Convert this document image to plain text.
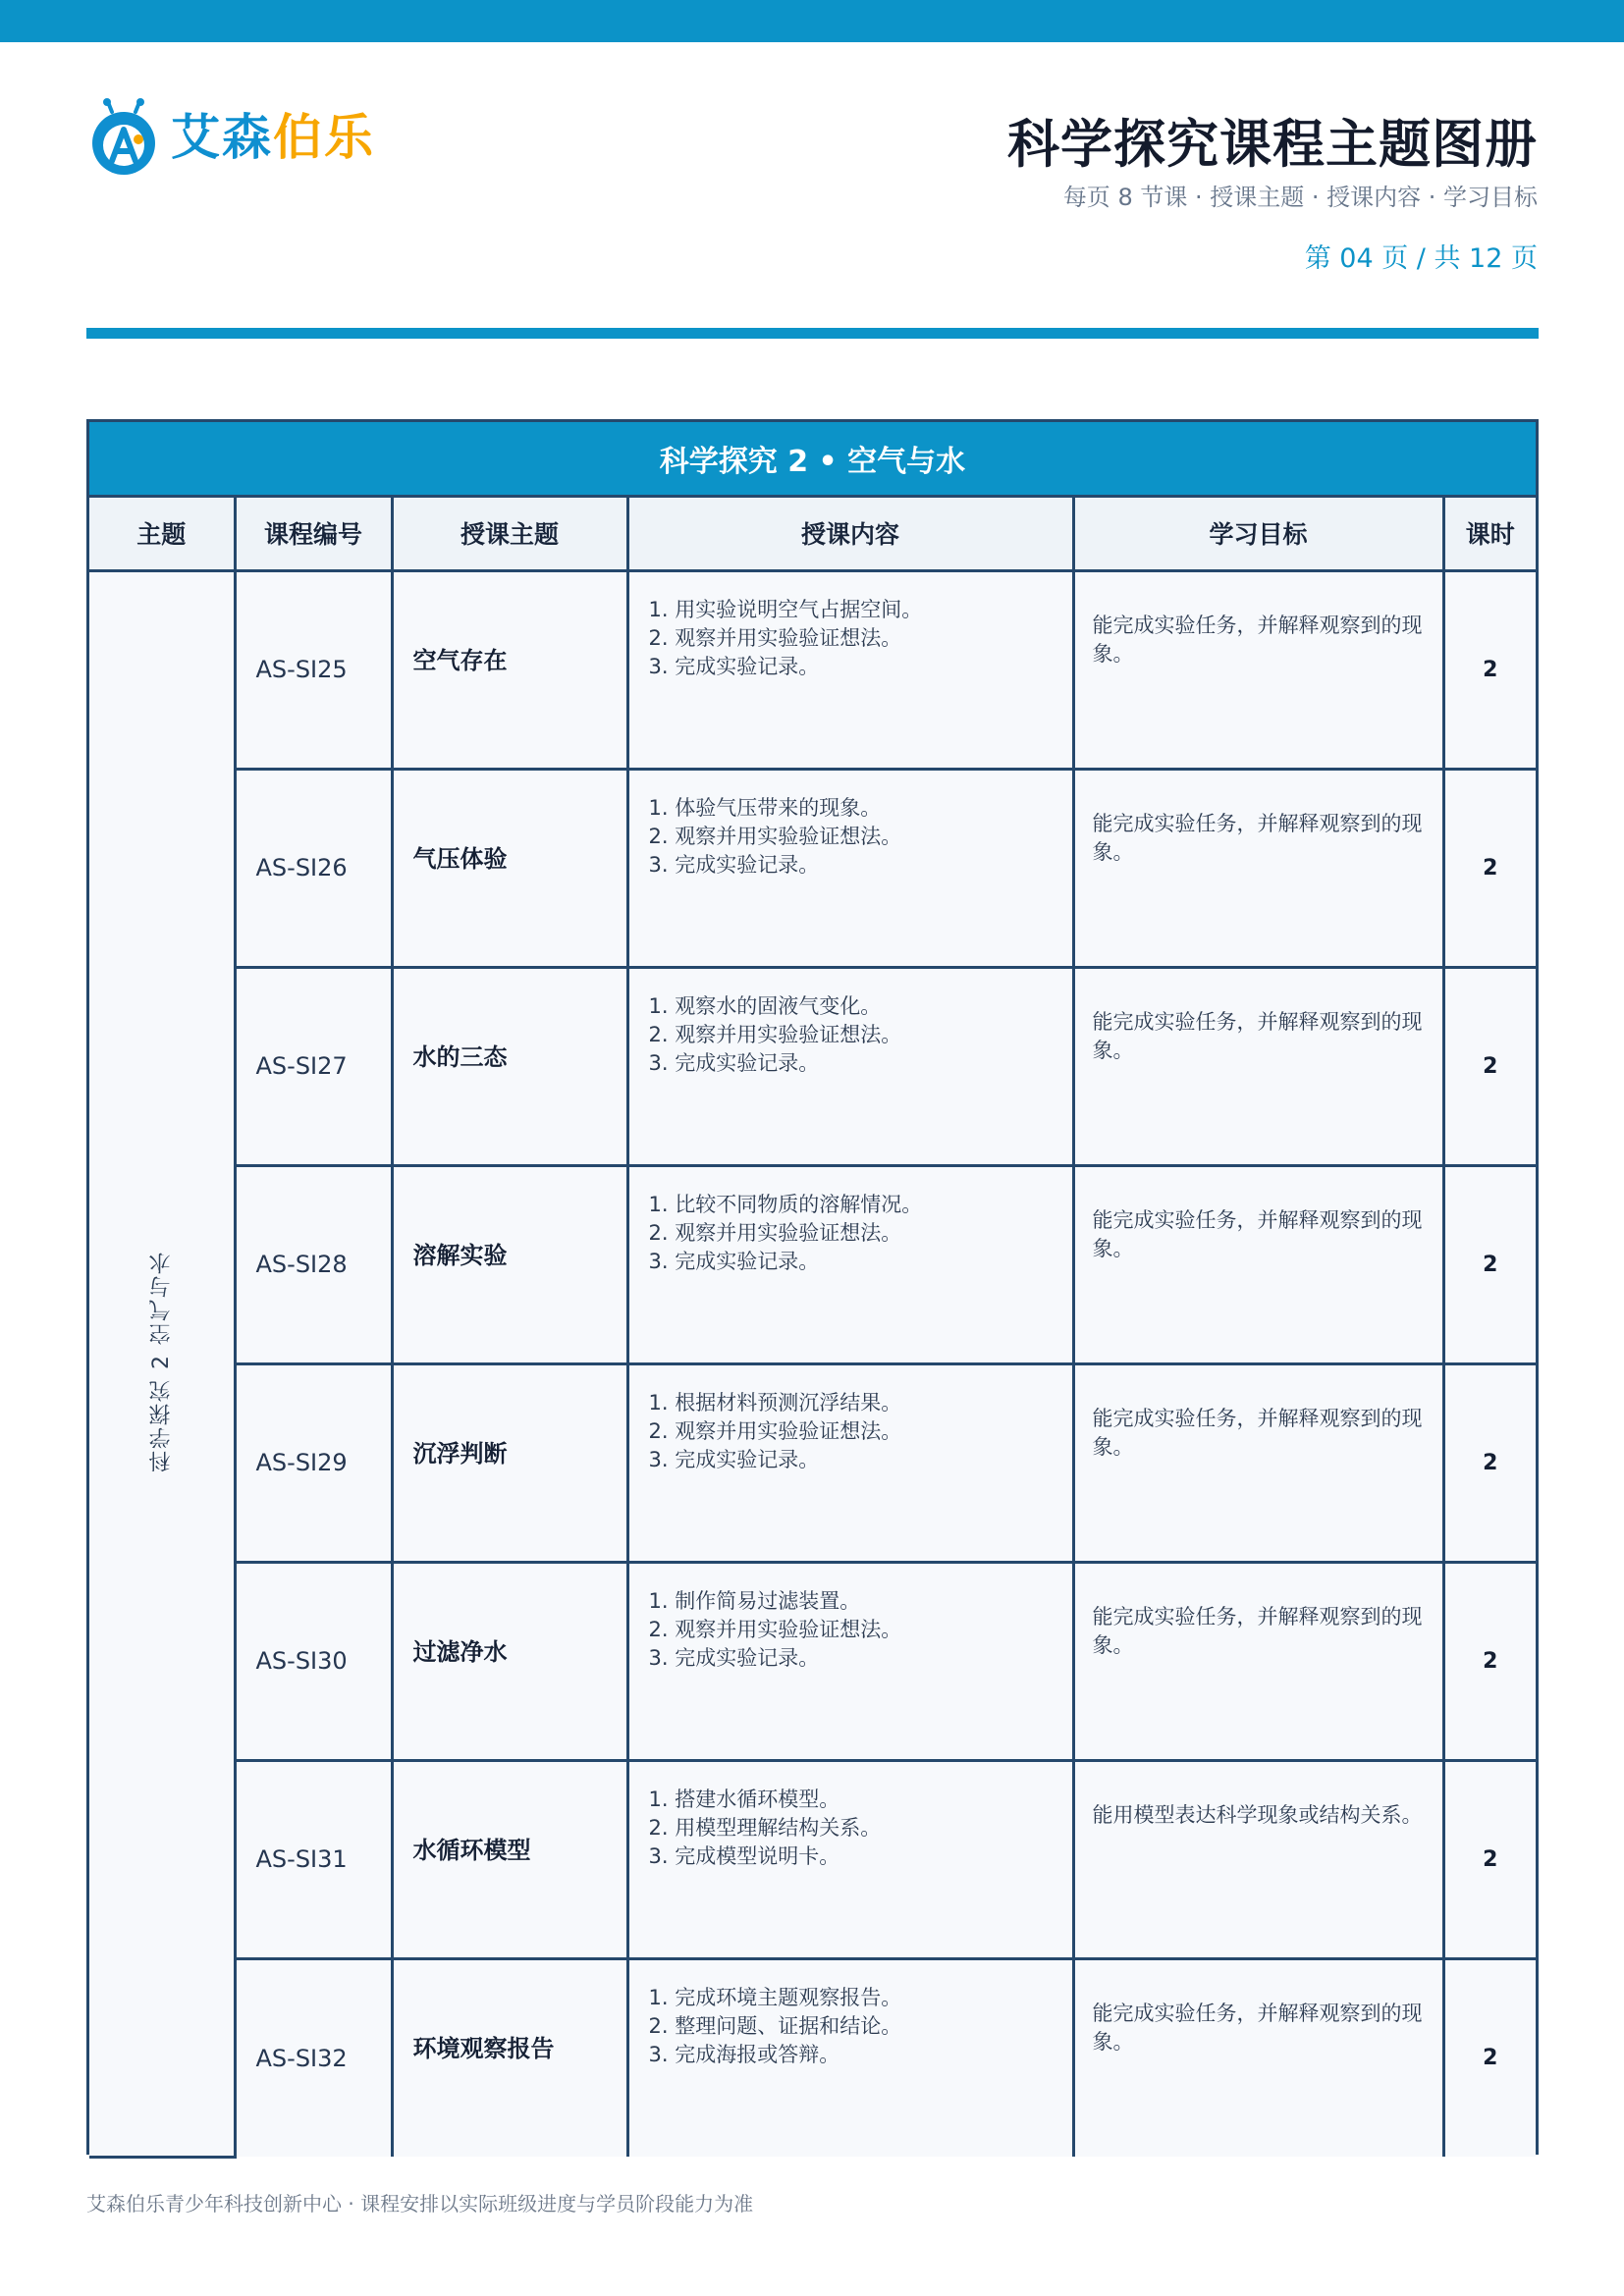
艾森伯乐	科学探究课程主题图册
每页 8 节课 · 授课主题 · 授课内容 · 学习目标
第 04 页 / 共 12 页
科学探究 2 • 空气与水
主题	课程编号	授课主题	授课内容	学习目标	课时
科学探究 2 空气与水	AS-SI25	空气存在	1. 用实验说明空气占据空间。
2. 观察并用实验验证想法。
3. 完成实验记录。	能完成实验任务，并解释观察到的现象。	2
	AS-SI26	气压体验	1. 体验气压带来的现象。
2. 观察并用实验验证想法。
3. 完成实验记录。	能完成实验任务，并解释观察到的现象。	2
	AS-SI27	水的三态	1. 观察水的固液气变化。
2. 观察并用实验验证想法。
3. 完成实验记录。	能完成实验任务，并解释观察到的现象。	2
	AS-SI28	溶解实验	1. 比较不同物质的溶解情况。
2. 观察并用实验验证想法。
3. 完成实验记录。	能完成实验任务，并解释观察到的现象。	2
	AS-SI29	沉浮判断	1. 根据材料预测沉浮结果。
2. 观察并用实验验证想法。
3. 完成实验记录。	能完成实验任务，并解释观察到的现象。	2
	AS-SI30	过滤净水	1. 制作简易过滤装置。
2. 观察并用实验验证想法。
3. 完成实验记录。	能完成实验任务，并解释观察到的现象。	2
	AS-SI31	水循环模型	1. 搭建水循环模型。
2. 用模型理解结构关系。
3. 完成模型说明卡。	能用模型表达科学现象或结构关系。	2
	AS-SI32	环境观察报告	1. 完成环境主题观察报告。
2. 整理问题、证据和结论。
3. 完成海报或答辩。	能完成实验任务，并解释观察到的现象。	2
艾森伯乐青少年科技创新中心 · 课程安排以实际班级进度与学员阶段能力为准
